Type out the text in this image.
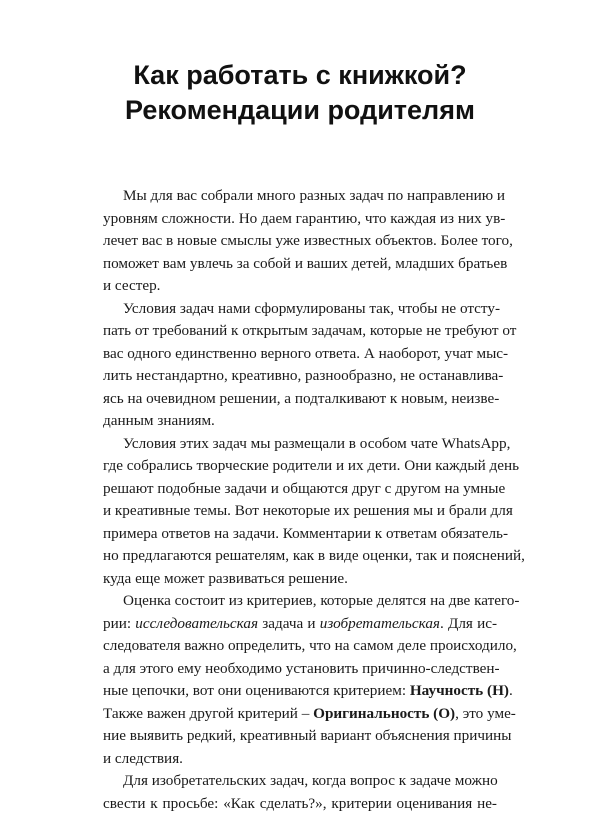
Как работать с книжкой?
Рекомендации родителям

Мы для вас собрали много разных задач по направлению и
уровням сложности. Но даем гарантию, что каждая из них ув-
лечет вас в новые смыслы уже известных объектов. Более того,
поможет вам увлечь за собой и ваших детей, младших братьев
и сестер.

Условия задач нами сформулированы так, чтобы не отсту-
пать от требований к открытым задачам, которые не требуют от
вас одного единственно верного ответа. А наоборот, учат мыс-
лить нестандартно, креативно, разнообразно, не останавлива-
ясь на очевидном решении, а подталкивают к новым, неизве-
данным знаниям.

Условия этих задач мы размещали в особом чате WhatsApp,
где собрались творческие родители и их дети. Они каждый день
решают подобные задачи и общаются друг с другом на умные
и креативные темы. Вот некоторые их решения мы и брали для
примера ответов на задачи. Комментарии к ответам обязатель-
но предлагаются решателям, как в виде оценки, так и пояснений,
куда еще может развиваться решение.

Оценка состоит из критериев, которые делятся на две катего-
рии: исследовательская задача и изобретательская. Для ис-
следователя важно определить, что на самом деле происходило,
а для этого ему необходимо установить причинно-следствен-
ные цепочки, вот они оцениваются критерием: Научность (Н).
Также важен другой критерий – Оригинальность (О), это уме-
ние выявить редкий, креативный вариант объяснения причины
и следствия.

Для изобретательских задач, когда вопрос к задаче можно
свести к просьбе: «Как сделать?», критерии оценивания не-
